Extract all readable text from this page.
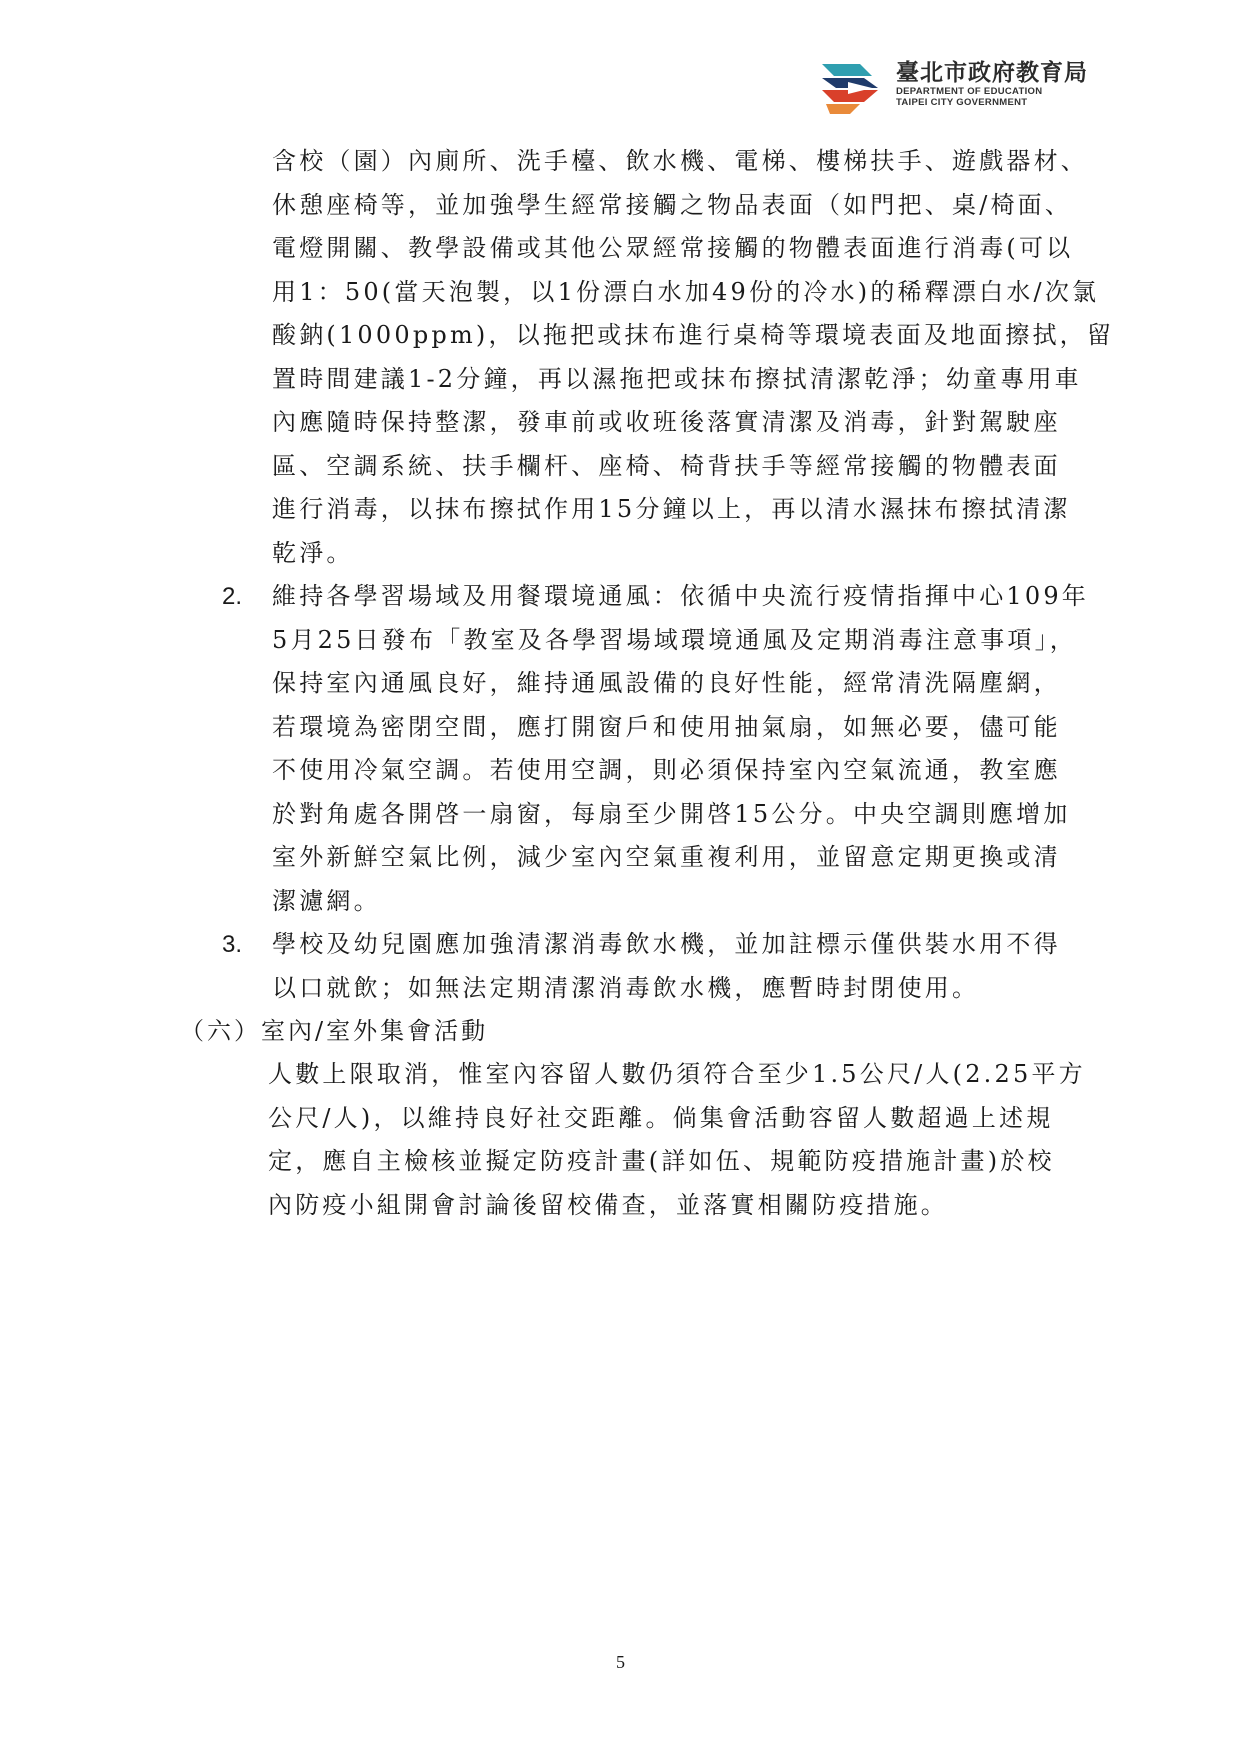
臺北市政府教育局
DEPARTMENT OF EDUCATION
TAIPEI CITY GOVERNMENT
含校（園）內廁所、洗手檯、飲水機、電梯、樓梯扶手、遊戲器材、
休憩座椅等，並加強學生經常接觸之物品表面（如門把、桌/椅面、
電燈開關、教學設備或其他公眾經常接觸的物體表面進行消毒(可以
用1：50(當天泡製，以1份漂白水加49份的冷水)的稀釋漂白水/次氯
酸鈉(1000ppm)，以拖把或抹布進行桌椅等環境表面及地面擦拭，留
置時間建議1-2分鐘，再以濕拖把或抹布擦拭清潔乾淨；幼童專用車
內應隨時保持整潔，發車前或收班後落實清潔及消毒，針對駕駛座
區、空調系統、扶手欄杆、座椅、椅背扶手等經常接觸的物體表面
進行消毒，以抹布擦拭作用15分鐘以上，再以清水濕抹布擦拭清潔
乾淨。
2. 維持各學習場域及用餐環境通風：依循中央流行疫情指揮中心109年
5月25日發布「教室及各學習場域環境通風及定期消毒注意事項」，
保持室內通風良好，維持通風設備的良好性能，經常清洗隔塵網，
若環境為密閉空間，應打開窗戶和使用抽氣扇，如無必要，儘可能
不使用冷氣空調。若使用空調，則必須保持室內空氣流通，教室應
於對角處各開啓一扇窗，每扇至少開啓15公分。中央空調則應增加
室外新鮮空氣比例，減少室內空氣重複利用，並留意定期更換或清
潔濾網。
3. 學校及幼兒園應加強清潔消毒飲水機，並加註標示僅供裝水用不得
以口就飲；如無法定期清潔消毒飲水機，應暫時封閉使用。
（六）室內/室外集會活動
人數上限取消，惟室內容留人數仍須符合至少1.5公尺/人(2.25平方
公尺/人)，以維持良好社交距離。倘集會活動容留人數超過上述規
定，應自主檢核並擬定防疫計畫(詳如伍、規範防疫措施計畫)於校
內防疫小組開會討論後留校備查，並落實相關防疫措施。
5
